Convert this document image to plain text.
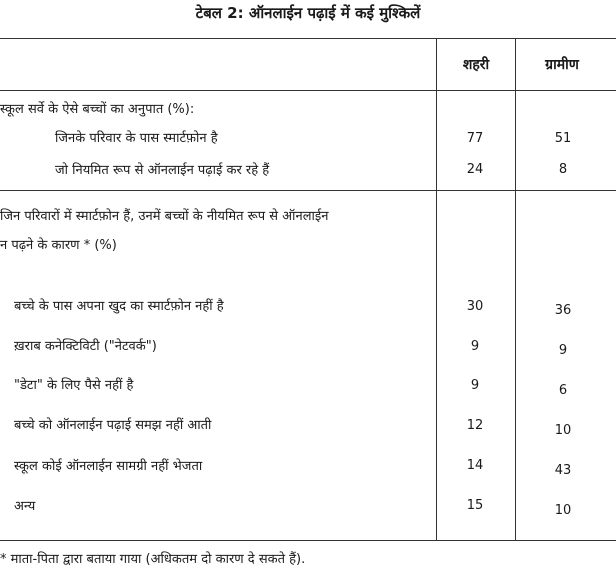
टेबल 2: ऑनलाईन पढ़ाई में कई मुश्किलें
शहरी	ग्रामीण
स्कूल सर्वे के ऐसे बच्चों का अनुपात (%):
जिनके परिवार के पास स्मार्टफ़ोन है	77	51
जो नियमित रूप से ऑनलाईन पढ़ाई कर रहे हैं	24	8
जिन परिवारों में स्मार्टफ़ोन हैं, उनमें बच्चों के नीयमित रूप से ऑनलाईन
न पढ़ने के कारण * (%)
बच्चे के पास अपना खुद का स्मार्टफ़ोन नहीं है	30	36
ख़राब कनेक्टिविटी ("नेटवर्क")	9	9
"डेटा" के लिए पैसे नहीं है	9	6
बच्चे को ऑनलाईन पढ़ाई समझ नहीं आती	12	10
स्कूल कोई ऑनलाईन सामग्री नहीं भेजता	14	43
अन्य	15	10
* माता-पिता द्वारा बताया गाया (अधिकतम दो कारण दे सकते हैं).
